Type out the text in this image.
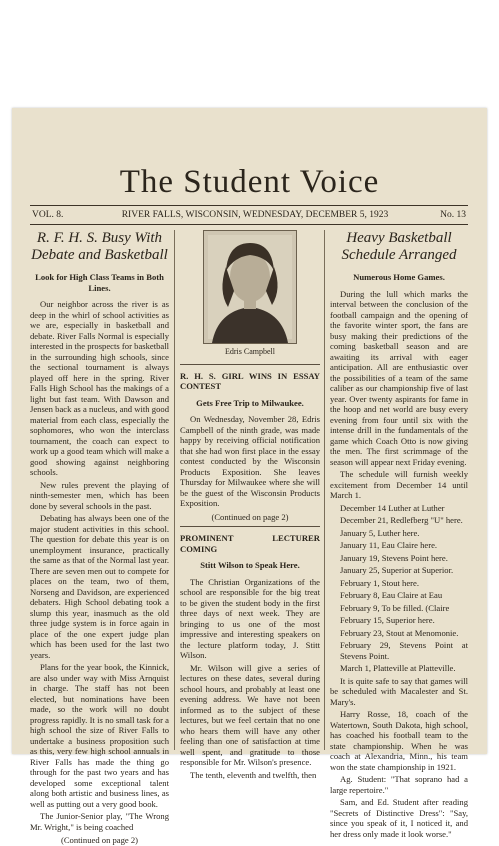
The Student Voice
VOL. 8.	RIVER FALLS, WISCONSIN, WEDNESDAY, DECEMBER 5, 1923	No. 13
R. F. H. S. Busy With Debate and Basketball
Look for High Class Teams in Both Lines.

Our neighbor across the river is as deep in the whirl of school activities as we are, especially in basketball and debate. River Falls Normal is especially interested in the prospects for basketball in the surrounding high schools, since the sectional tournament is always played off here in the spring. River Falls High School has the makings of a light but fast team. With Dawson and Jensen back as a nucleus, and with good material from each class, especially the sophomores, who won the interclass tournament, the coach can expect to work up a good team which will make a good showing against neighboring schools.

New rules prevent the playing of ninth-semester men, which has been done by several schools in the past.

Debating has always been one of the major student activities in this school. The question for debate this year is on unemployment insurance, practically the same as that of the Normal last year. There are seven men out to compete for places on the team, two of them, Norseng and Davidson, are experienced debaters. High School debating took a slump this year, inasmuch as the old three judge system is in force again in place of the one expert judge plan which has been used for the last two years.

Plans for the year book, the Kinnick, are also under way with Miss Arnquist in charge. The staff has not been elected, but nominations have been made, so the work will no doubt progress rapidly. It is no small task for a high school the size of River Falls to undertake a business proposition such as this, very few high school annuals in River Falls has made the thing go through for the past two years and has developed some exceptional talent along both artistic and business lines, as well as putting out a very good book.

The Junior-Senior play, "The Wrong Mr. Wright," is being coached

(Continued on page 2)

Edris Campbell
R. H. S. GIRL WINS IN ESSAY CONTEST
Gets Free Trip to Milwaukee.

On Wednesday, November 28, Edris Campbell of the ninth grade, was made happy by receiving official notification that she had won first place in the essay contest conducted by the Wisconsin Products Exposition. She leaves Thursday for Milwaukee where she will be the guest of the Wisconsin Products Exposition.

(Continued on page 2)

PROMINENT LECTURER COMING
Stitt Wilson to Speak Here.

The Christian Organizations of the school are responsible for the big treat to be given the student body in the first three days of next week. They are bringing to us one of the most impressive and interesting speakers on the lecture platform today, J. Stitt Wilson.

Mr. Wilson will give a series of lectures on these dates, several during school hours, and probably at least one evening address. We have not been informed as to the subject of these lectures, but we feel certain that no one who hears them will have any other feeling than one of satisfaction at time well spent, and gratitude to those responsible for Mr. Wilson's presence.

The tenth, eleventh and twelfth, then

Heavy Basketball Schedule Arranged
Numerous Home Games.

During the lull which marks the interval between the conclusion of the football campaign and the opening of the favorite winter sport, the fans are busy making their predictions of the coming basketball season and are awaiting its arrival with eager anticipation. All are enthusiastic over the possibilities of a team of the same caliber as our championship five of last year. Over twenty aspirants for fame in the hoop and net world are busy every evening from four until six with the intense drill in the fundamentals of the game which Coach Otto is now giving the men. The first scrimmage of the season will appear next Friday evening.

The schedule will furnish weekly excitement from December 14 until March 1.

December 14 Luther at Luther

December 21, Redlefberg "U" here.

January 5, Luther here.

January 11, Eau Claire here.

January 19, Stevens Point here.

January 25, Superior at Superior.

February 1, Stout here.

February 8, Eau Claire at Eau

February 9, To be filled. (Claire

February 15, Superior here.

February 23, Stout at Menomonie.

February 29, Stevens Point at Stevens Point.

March 1, Platteville at Platteville.

It is quite safe to say that games will be scheduled with Macalester and St. Mary's.

Harry Rosse, 18, coach of the Watertown, South Dakota, high school, has coached his football team to the state championship. When he was coach at Alexandria, Minn., his team won the state championship in 1921.

Ag. Student: "That soprano had a large repertoire."

Sam, and Ed. Student after reading "Secrets of Distinctive Dress": "Say, since you speak of it, I noticed it, and her dress only made it look worse."
